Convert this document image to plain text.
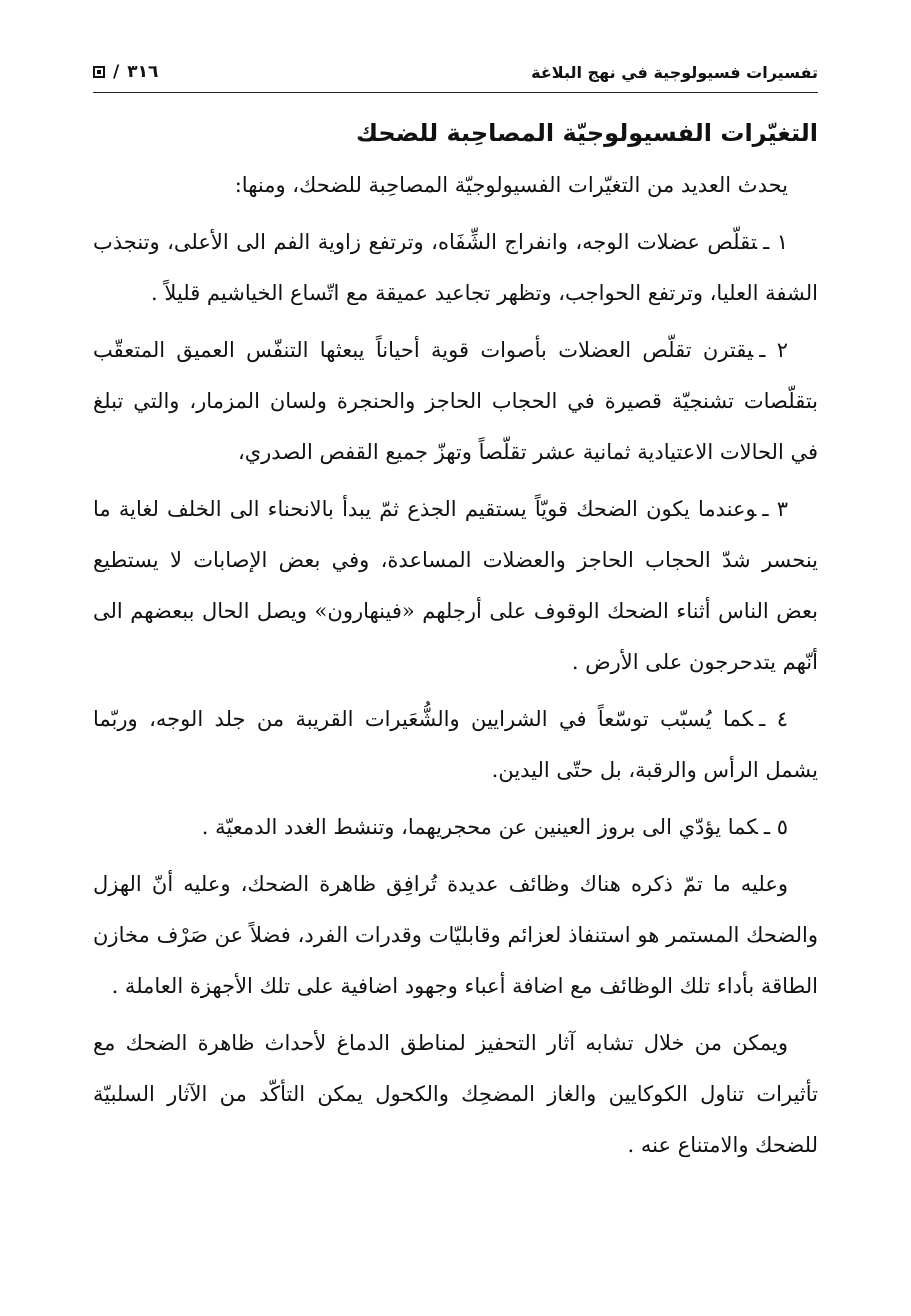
تفسيرات فسيولوجية في نهج البلاغة
٣١٦
/
التغيّرات الفسيولوجيّة المصاحِبة للضحك

يحدث العديد من التغيّرات الفسيولوجيّة المصاحِبة للضحك، ومنها:

١ ـتقلّص عضلات الوجه، وانفراج الشِّفَاه، وترتفع زاوية الفم الى الأعلى، وتنجذب الشفة العليا، وترتفع الحواجب، وتظهر تجاعيد عميقة مع اتّساع الخياشيم قليلاً .

٢ ـيقترن تقلّص العضلات بأصوات قوية أحياناً يبعثها التنفّس العميق المتعقّب بتقلّصات تشنجيّة قصيرة في الحجاب الحاجز والحنجرة ولسان المزمار، والتي تبلغ في الحالات الاعتيادية ثمانية عشر تقلّصاً وتهزّ جميع القفص الصدري،

٣ ـوعندما يكون الضحك قويّاً يستقيم الجذع ثمّ يبدأ بالانحناء الى الخلف لغاية ما ينحسر شدّ الحجاب الحاجز والعضلات المساعدة، وفي بعض الإصابات لا يستطيع بعض الناس أثناء الضحك الوقوف على أرجلهم «فينهارون» ويصل الحال ببعضهم الى أنّهم يتدحرجون على الأرض .

٤ ـكما يُسبّب توسّعاً في الشرايين والشُّعَيرات القريبة من جلد الوجه، وربّما يشمل الرأس والرقبة، بل حتّى اليدين.

٥ ـكما يؤدّي الى بروز العينين عن محجريهما، وتنشط الغدد الدمعيّة .

وعليه ما تمّ ذكره هناك وظائف عديدة تُرافِق ظاهرة الضحك، وعليه أنّ الهزل والضحك المستمر هو استنفاذ لعزائم وقابليّات وقدرات الفرد، فضلاً عن صَرْف مخازن الطاقة بأداء تلك الوظائف مع اضافة أعباء وجهود اضافية على تلك الأجهزة العاملة .

ويمكن من خلال تشابه آثار التحفيز لمناطق الدماغ لأحداث ظاهرة الضحك مع تأثيرات تناول الكوكايين والغاز المضحِك والكحول يمكن التأكّد من الآثار السلبيّة للضحك والامتناع عنه .
